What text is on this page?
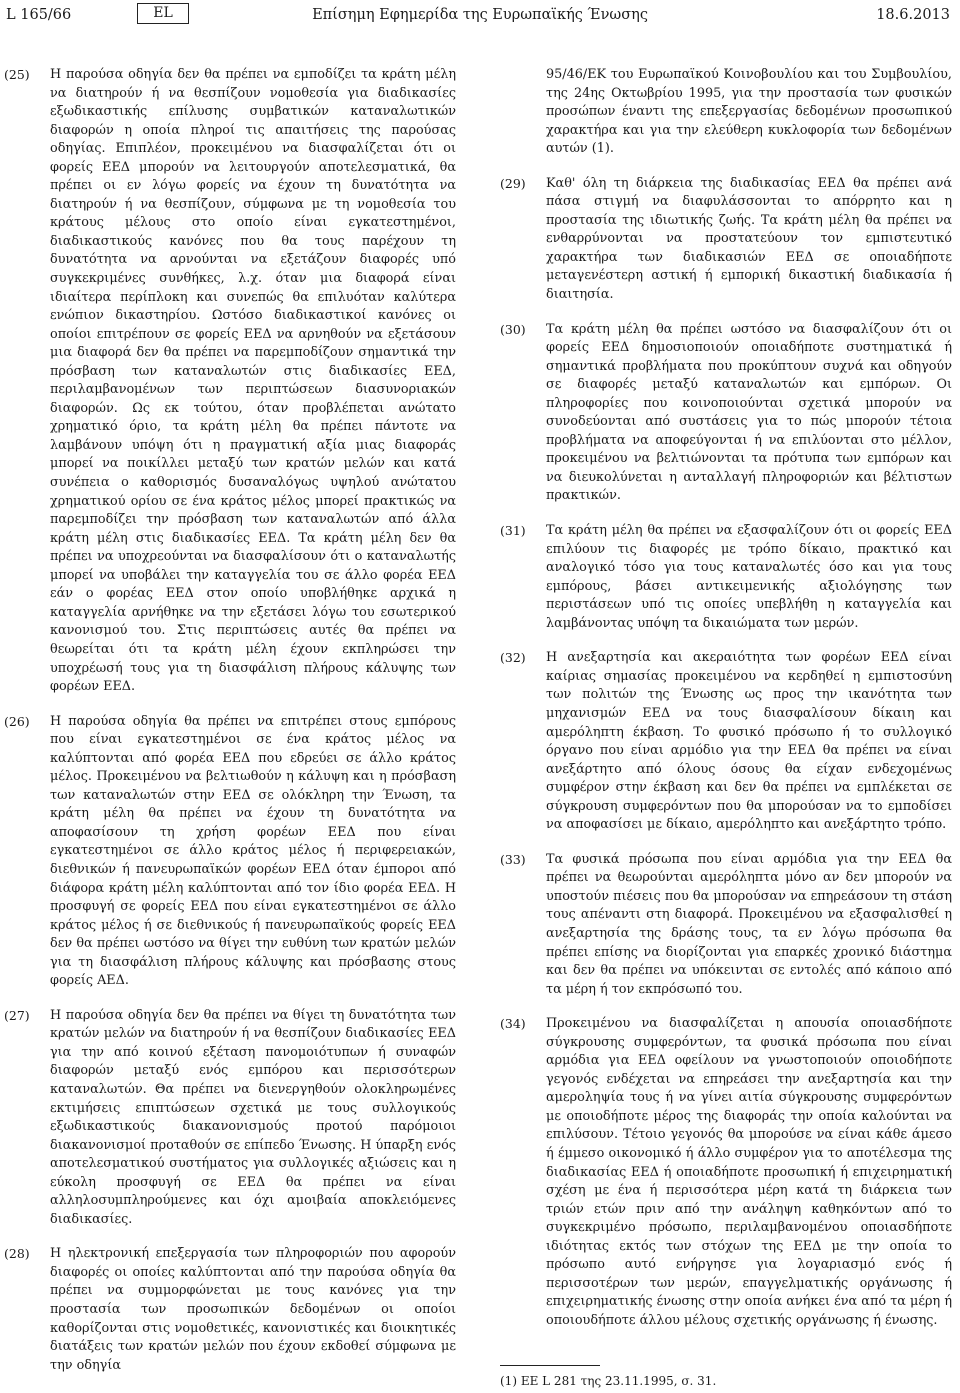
L 165/66	EL	Επίσημη Εφημερίδα της Ευρωπαϊκής Ένωσης	18.6.2013
(25)	Η παρούσα οδηγία δεν θα πρέπει να εμποδίζει τα κράτη μέλη να διατηρούν ή να θεσπίζουν νομοθεσία για διαδικασίες εξωδικαστικής επίλυσης συμβατικών καταναλωτικών διαφορών η οποία πληροί τις απαιτήσεις της παρούσας οδηγίας. Επιπλέον, προκειμένου να διασφαλίζεται ότι οι φορείς ΕΕΔ μπορούν να λειτουργούν αποτελεσματικά, θα πρέπει οι εν λόγω φορείς να έχουν τη δυνατότητα να διατηρούν ή να θεσπίζουν, σύμφωνα με τη νομοθεσία του κράτους μέλους στο οποίο είναι εγκατεστημένοι, διαδικαστικούς κανόνες που θα τους παρέχουν τη δυνατότητα να αρνούνται να εξετάζουν διαφορές υπό συγκεκριμένες συνθήκες, λ.χ. όταν μια διαφορά είναι ιδιαίτερα περίπλοκη και συνεπώς θα επιλυόταν καλύτερα ενώπιον δικαστηρίου. Ωστόσο διαδικαστικοί κανόνες οι οποίοι επιτρέπουν σε φορείς ΕΕΔ να αρνηθούν να εξετάσουν μια διαφορά δεν θα πρέπει να παρεμποδίζουν σημαντικά την πρόσβαση των καταναλωτών στις διαδικασίες ΕΕΔ, περιλαμβανομένων των περιπτώσεων διασυνοριακών διαφορών. Ως εκ τούτου, όταν προβλέπεται ανώτατο χρηματικό όριο, τα κράτη μέλη θα πρέπει πάντοτε να λαμβάνουν υπόψη ότι η πραγματική αξία μιας διαφοράς μπορεί να ποικίλλει μεταξύ των κρατών μελών και κατά συνέπεια ο καθορισμός δυσαναλόγως υψηλού ανώτατου χρηματικού ορίου σε ένα κράτος μέλος μπορεί πρακτικώς να παρεμποδίζει την πρόσβαση των καταναλωτών από άλλα κράτη μέλη στις διαδικασίες ΕΕΔ. Τα κράτη μέλη δεν θα πρέπει να υποχρεούνται να διασφαλίσουν ότι ο καταναλωτής μπορεί να υποβάλει την καταγγελία του σε άλλο φορέα ΕΕΔ εάν ο φορέας ΕΕΔ στον οποίο υποβλήθηκε αρχικά η καταγγελία αρνήθηκε να την εξετάσει λόγω του εσωτερικού κανονισμού του. Στις περιπτώσεις αυτές θα πρέπει να θεωρείται ότι τα κράτη μέλη έχουν εκπληρώσει την υποχρέωσή τους για τη διασφάλιση πλήρους κάλυψης των φορέων ΕΕΔ.
(26)	Η παρούσα οδηγία θα πρέπει να επιτρέπει στους εμπόρους που είναι εγκατεστημένοι σε ένα κράτος μέλος να καλύπτονται από φορέα ΕΕΔ που εδρεύει σε άλλο κράτος μέλος. Προκειμένου να βελτιωθούν η κάλυψη και η πρόσβαση των καταναλωτών στην ΕΕΔ σε ολόκληρη την Ένωση, τα κράτη μέλη θα πρέπει να έχουν τη δυνατότητα να αποφασίσουν τη χρήση φορέων ΕΕΔ που είναι εγκατεστημένοι σε άλλο κράτος μέλος ή περιφερειακών, διεθνικών ή πανευρωπαϊκών φορέων ΕΕΔ όταν έμποροι από διάφορα κράτη μέλη καλύπτονται από τον ίδιο φορέα ΕΕΔ. Η προσφυγή σε φορείς ΕΕΔ που είναι εγκατεστημένοι σε άλλο κράτος μέλος ή σε διεθνικούς ή πανευρωπαϊκούς φορείς ΕΕΔ δεν θα πρέπει ωστόσο να θίγει την ευθύνη των κρατών μελών για τη διασφάλιση πλήρους κάλυψης και πρόσβασης στους φορείς ΑΕΔ.
(27)	Η παρούσα οδηγία δεν θα πρέπει να θίγει τη δυνατότητα των κρατών μελών να διατηρούν ή να θεσπίζουν διαδικασίες ΕΕΔ για την από κοινού εξέταση πανομοιότυπων ή συναφών διαφορών μεταξύ ενός εμπόρου και περισσότερων καταναλωτών. Θα πρέπει να διενεργηθούν ολοκληρωμένες εκτιμήσεις επιπτώσεων σχετικά με τους συλλογικούς εξωδικαστικούς διακανονισμούς προτού παρόμοιοι διακανονισμοί προταθούν σε επίπεδο Ένωσης. Η ύπαρξη ενός αποτελεσματικού συστήματος για συλλογικές αξιώσεις και η εύκολη προσφυγή σε ΕΕΔ θα πρέπει να είναι αλληλοσυμπληρούμενες και όχι αμοιβαία αποκλειόμενες διαδικασίες.
(28)	Η ηλεκτρονική επεξεργασία των πληροφοριών που αφορούν διαφορές οι οποίες καλύπτονται από την παρούσα οδηγία θα πρέπει να συμμορφώνεται με τους κανόνες για την προστασία των προσωπικών δεδομένων οι οποίοι καθορίζονται στις νομοθετικές, κανονιστικές και διοικητικές διατάξεις των κρατών μελών που έχουν εκδοθεί σύμφωνα με την οδηγία
95/46/ΕΚ του Ευρωπαϊκού Κοινοβουλίου και του Συμβουλίου, της 24ης Οκτωβρίου 1995, για την προστασία των φυσικών προσώπων έναντι της επεξεργασίας δεδομένων προσωπικού χαρακτήρα και για την ελεύθερη κυκλοφορία των δεδομένων αυτών (1).
(29)	Καθ' όλη τη διάρκεια της διαδικασίας ΕΕΔ θα πρέπει ανά πάσα στιγμή να διαφυλάσσονται το απόρρητο και η προστασία της ιδιωτικής ζωής. Τα κράτη μέλη θα πρέπει να ενθαρρύνονται να προστατεύουν τον εμπιστευτικό χαρακτήρα των διαδικασιών ΕΕΔ σε οποιαδήποτε μεταγενέστερη αστική ή εμπορική δικαστική διαδικασία ή διαιτησία.
(30)	Τα κράτη μέλη θα πρέπει ωστόσο να διασφαλίζουν ότι οι φορείς ΕΕΔ δημοσιοποιούν οποιαδήποτε συστηματικά ή σημαντικά προβλήματα που προκύπτουν συχνά και οδηγούν σε διαφορές μεταξύ καταναλωτών και εμπόρων. Οι πληροφορίες που κοινοποιούνται σχετικά μπορούν να συνοδεύονται από συστάσεις για το πώς μπορούν τέτοια προβλήματα να αποφεύγονται ή να επιλύονται στο μέλλον, προκειμένου να βελτιώνονται τα πρότυπα των εμπόρων και να διευκολύνεται η ανταλλαγή πληροφοριών και βέλτιστων πρακτικών.
(31)	Τα κράτη μέλη θα πρέπει να εξασφαλίζουν ότι οι φορείς ΕΕΔ επιλύουν τις διαφορές με τρόπο δίκαιο, πρακτικό και αναλογικό τόσο για τους καταναλωτές όσο και για τους εμπόρους, βάσει αντικειμενικής αξιολόγησης των περιστάσεων υπό τις οποίες υπεβλήθη η καταγγελία και λαμβάνοντας υπόψη τα δικαιώματα των μερών.
(32)	Η ανεξαρτησία και ακεραιότητα των φορέων ΕΕΔ είναι καίριας σημασίας προκειμένου να κερδηθεί η εμπιστοσύνη των πολιτών της Ένωσης ως προς την ικανότητα των μηχανισμών ΕΕΔ να τους διασφαλίσουν δίκαιη και αμερόληπτη έκβαση. Το φυσικό πρόσωπο ή το συλλογικό όργανο που είναι αρμόδιο για την ΕΕΔ θα πρέπει να είναι ανεξάρτητο από όλους όσους θα είχαν ενδεχομένως συμφέρον στην έκβαση και δεν θα πρέπει να εμπλέκεται σε σύγκρουση συμφερόντων που θα μπορούσαν να το εμποδίσει να αποφασίσει με δίκαιο, αμερόληπτο και ανεξάρτητο τρόπο.
(33)	Τα φυσικά πρόσωπα που είναι αρμόδια για την ΕΕΔ θα πρέπει να θεωρούνται αμερόληπτα μόνο αν δεν μπορούν να υποστούν πιέσεις που θα μπορούσαν να επηρεάσουν τη στάση τους απέναντι στη διαφορά. Προκειμένου να εξασφαλισθεί η ανεξαρτησία της δράσης τους, τα εν λόγω πρόσωπα θα πρέπει επίσης να διορίζονται για επαρκές χρονικό διάστημα και δεν θα πρέπει να υπόκεινται σε εντολές από κάποιο από τα μέρη ή τον εκπρόσωπό του.
(34)	Προκειμένου να διασφαλίζεται η απουσία οποιασδήποτε σύγκρουσης συμφερόντων, τα φυσικά πρόσωπα που είναι αρμόδια για ΕΕΔ οφείλουν να γνωστοποιούν οποιοδήποτε γεγονός ενδέχεται να επηρεάσει την ανεξαρτησία και την αμεροληψία τους ή να γίνει αιτία σύγκρουσης συμφερόντων με οποιοδήποτε μέρος της διαφοράς την οποία καλούνται να επιλύσουν. Τέτοιο γεγονός θα μπορούσε να είναι κάθε άμεσο ή έμμεσο οικονομικό ή άλλο συμφέρον για το αποτέλεσμα της διαδικασίας ΕΕΔ ή οποιαδήποτε προσωπική ή επιχειρηματική σχέση με ένα ή περισσότερα μέρη κατά τη διάρκεια των τριών ετών πριν από την ανάληψη καθηκόντων από το συγκεκριμένο πρόσωπο, περιλαμβανομένου οποιασδήποτε ιδιότητας εκτός των στόχων της ΕΕΔ με την οποία το πρόσωπο αυτό ενήργησε για λογαριασμό ενός ή περισσοτέρων των μερών, επαγγελματικής οργάνωσης ή επιχειρηματικής ένωσης στην οποία ανήκει ένα από τα μέρη ή οποιουδήποτε άλλου μέλους σχετικής οργάνωσης ή ένωσης.
(1) ΕΕ L 281 της 23.11.1995, σ. 31.
